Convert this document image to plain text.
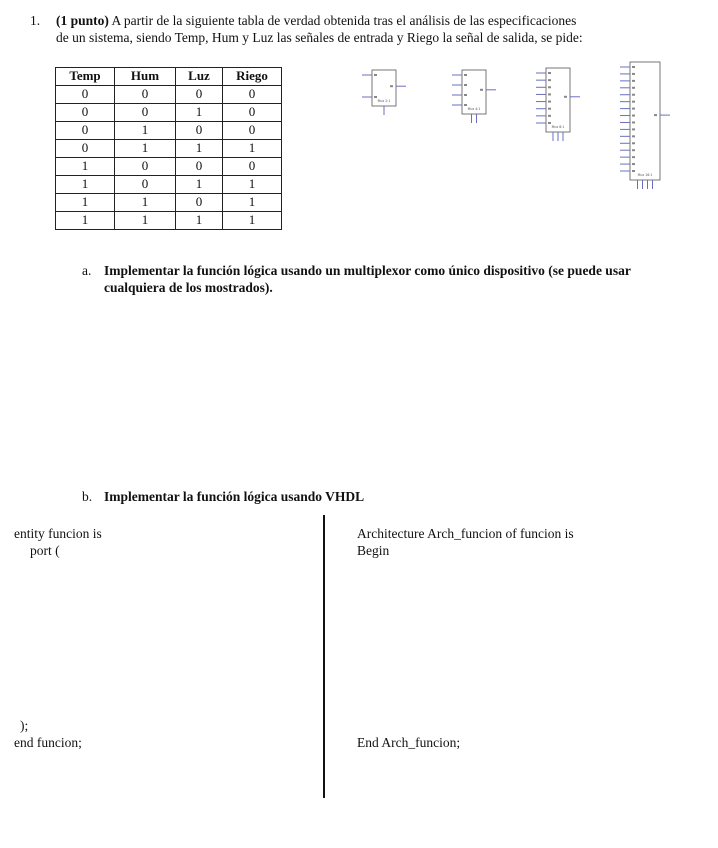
1. (1 punto) A partir de la siguiente tabla de verdad obtenida tras el análisis de las especificaciones
de un sistema, siendo Temp, Hum y Luz las señales de entrada y Riego la señal de salida, se pide:
Temp	Hum	Luz	Riego
0	0	0	0
0	0	1	0
0	1	0	0
0	1	1	1
1	0	0	0
1	0	1	1
1	1	0	1
1	1	1	1
Mux 2:1
Mux 4:1
Mux 8:1
Mux 16:1
a. Implementar la función lógica usando un multiplexor como único dispositivo (se puede usar
cualquiera de los mostrados).
b. Implementar la función lógica usando VHDL
entity funcion is
port (
);
end funcion;
Architecture Arch_funcion of funcion is
Begin
End Arch_funcion;
